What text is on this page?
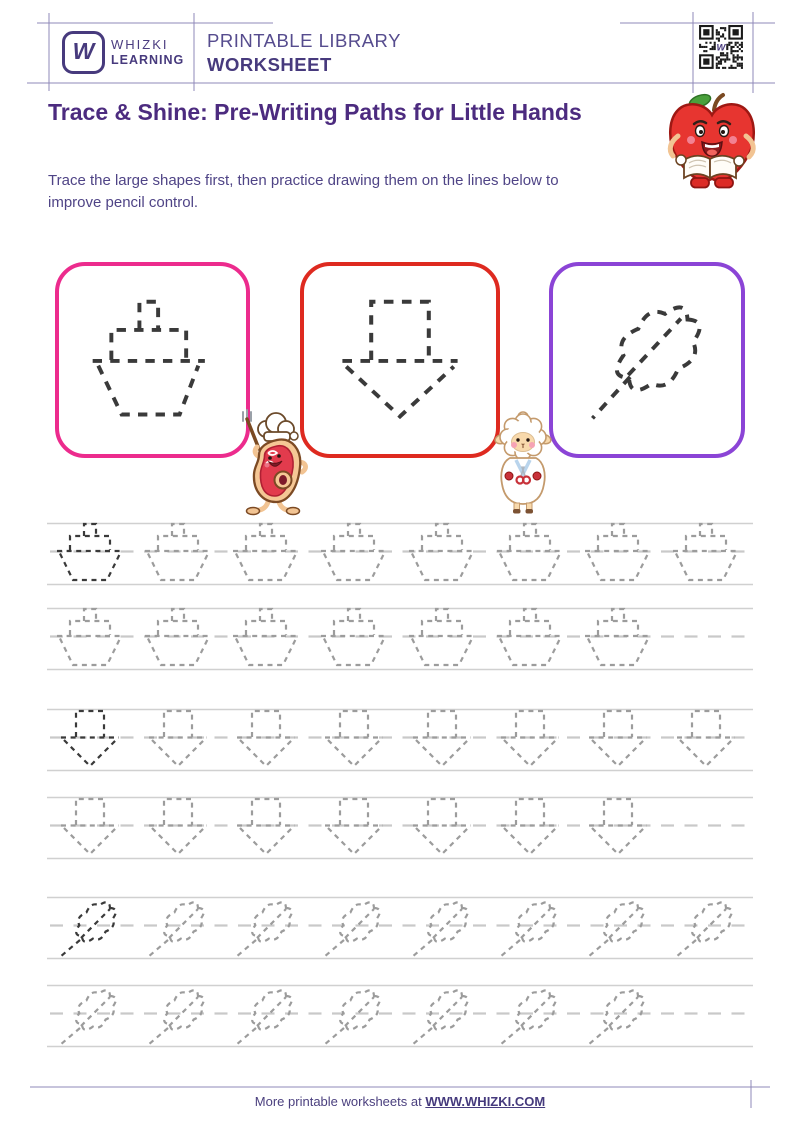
W WHIZKI
LEARNING
PRINTABLE LIBRARY
WORKSHEET
W
Trace & Shine: Pre-Writing Paths for Little Hands

Trace the large shapes first, then practice drawing them on the lines below to improve pencil control.

More printable worksheets at WWW.WHIZKI.COM
